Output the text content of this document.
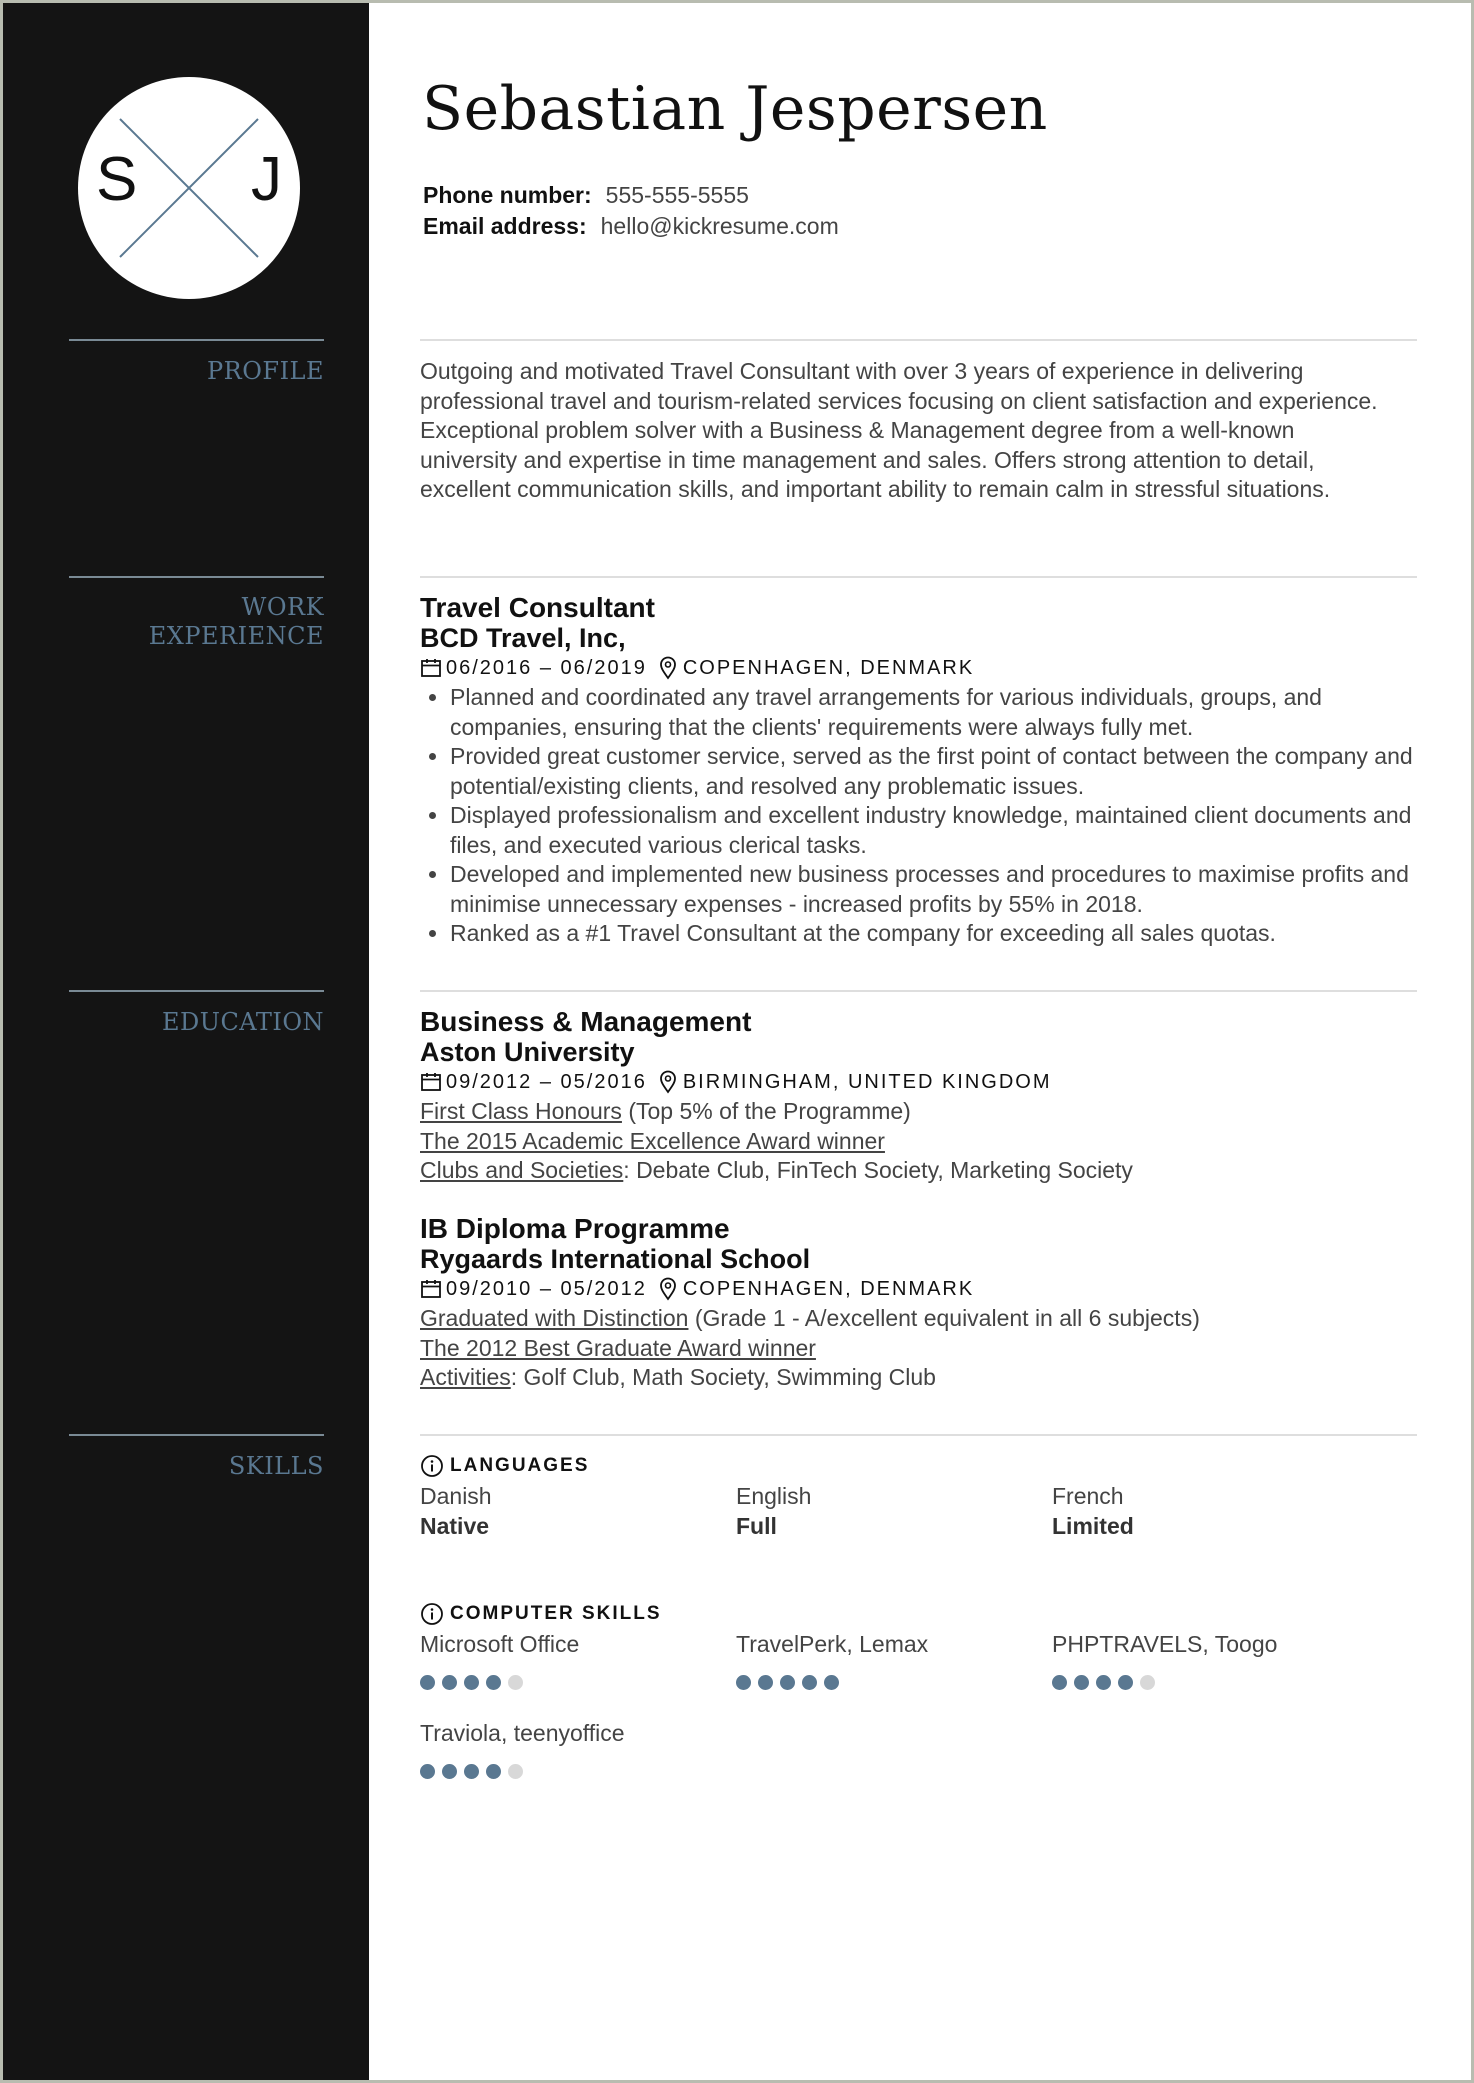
S J
PROFILE
WORK
EXPERIENCE
EDUCATION
SKILLS
Sebastian Jespersen
Phone number: 555-555-5555
Email address: hello@kickresume.com
Outgoing and motivated Travel Consultant with over 3 years of experience in delivering professional travel and tourism-related services focusing on client satisfaction and experience. Exceptional problem solver with a Business & Management degree from a well-known university and expertise in time management and sales. Offers strong attention to detail, excellent communication skills, and important ability to remain calm in stressful situations.
Travel Consultant
BCD Travel, Inc,
06/2016 – 06/2019 COPENHAGEN, DENMARK
• Planned and coordinated any travel arrangements for various individuals, groups, and companies, ensuring that the clients' requirements were always fully met.
• Provided great customer service, served as the first point of contact between the company and potential/existing clients, and resolved any problematic issues.
• Displayed professionalism and excellent industry knowledge, maintained client documents and files, and executed various clerical tasks.
• Developed and implemented new business processes and procedures to maximise profits and minimise unnecessary expenses - increased profits by 55% in 2018.
• Ranked as a #1 Travel Consultant at the company for exceeding all sales quotas.
Business & Management
Aston University
09/2012 – 05/2016 BIRMINGHAM, UNITED KINGDOM
First Class Honours (Top 5% of the Programme)
The 2015 Academic Excellence Award winner
Clubs and Societies: Debate Club, FinTech Society, Marketing Society
IB Diploma Programme
Rygaards International School
09/2010 – 05/2012 COPENHAGEN, DENMARK
Graduated with Distinction (Grade 1 - A/excellent equivalent in all 6 subjects)
The 2012 Best Graduate Award winner
Activities: Golf Club, Math Society, Swimming Club
LANGUAGES
Danish
Native
English
Full
French
Limited
COMPUTER SKILLS
Microsoft Office	TravelPerk, Lemax	PHPTRAVELS, Toogo
Traviola, teenyoffice
